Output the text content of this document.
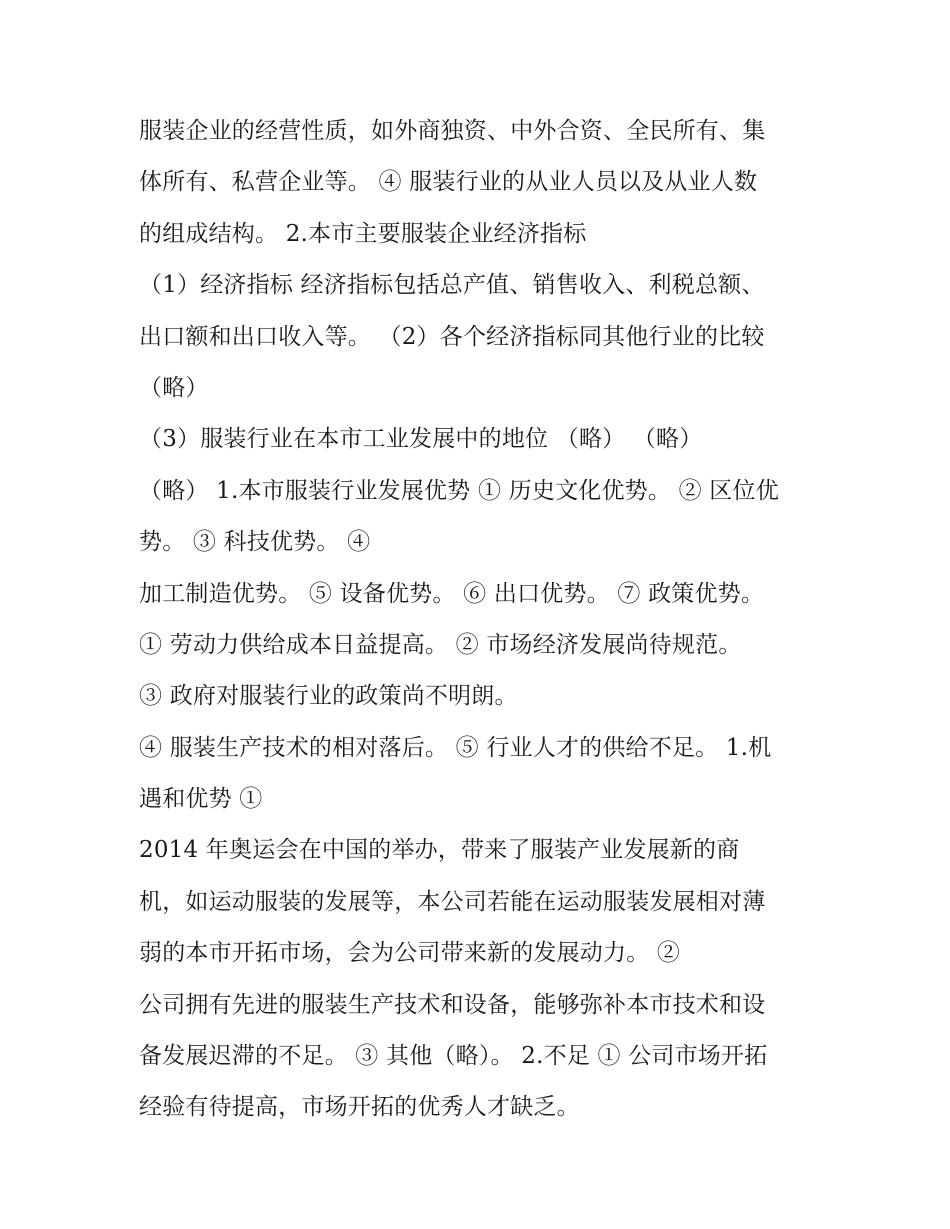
服装企业的经营性质，如外商独资、中外合资、全民所有、集
体所有、私营企业等。 ④ 服装行业的从业人员以及从业人数
的组成结构。 2.本市主要服装企业经济指标
（1）经济指标 经济指标包括总产值、销售收入、利税总额、
出口额和出口收入等。 （2）各个经济指标同其他行业的比较
（略）
（3）服装行业在本市工业发展中的地位 （略） （略）
（略） 1.本市服装行业发展优势 ① 历史文化优势。 ② 区位优
势。 ③ 科技优势。 ④
加工制造优势。 ⑤ 设备优势。 ⑥ 出口优势。 ⑦ 政策优势。
① 劳动力供给成本日益提高。 ② 市场经济发展尚待规范。
③ 政府对服装行业的政策尚不明朗。
④ 服装生产技术的相对落后。 ⑤ 行业人才的供给不足。 1.机
遇和优势 ①
2014 年奥运会在中国的举办，带来了服装产业发展新的商
机，如运动服装的发展等，本公司若能在运动服装发展相对薄
弱的本市开拓市场，会为公司带来新的发展动力。 ②
公司拥有先进的服装生产技术和设备，能够弥补本市技术和设
备发展迟滞的不足。 ③ 其他（略）。 2.不足 ① 公司市场开拓
经验有待提高，市场开拓的优秀人才缺乏。
